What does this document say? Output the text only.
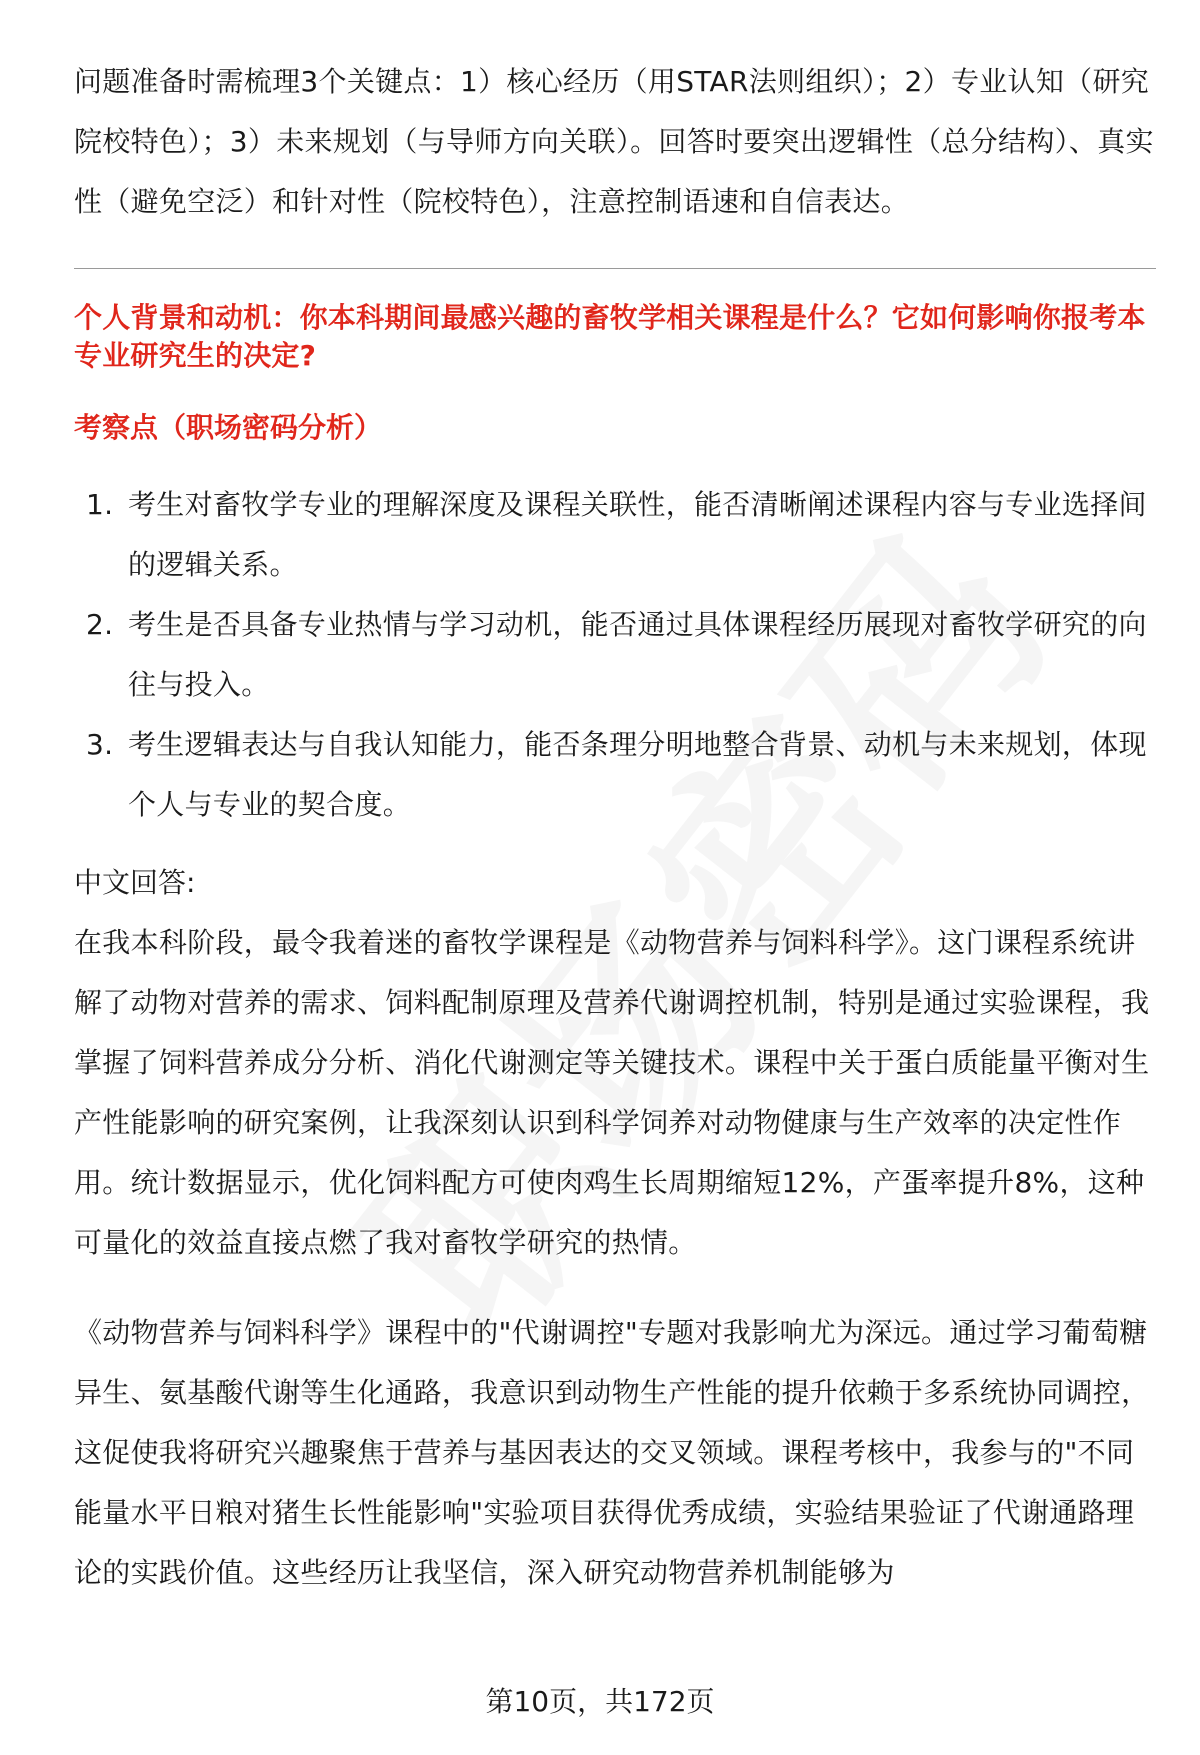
问题准备时需梳理3个关键点：1）核心经历（用STAR法则组织）；2）专业认知（研究院校特色）；3）未来规划（与导师方向关联）。回答时要突出逻辑性（总分结构）、真实性（避免空泛）和针对性（院校特色），注意控制语速和自信表达。

个人背景和动机：你本科期间最感兴趣的畜牧学相关课程是什么？它如何影响你报考本专业研究生的决定?

考察点（职场密码分析）

1. 考生对畜牧学专业的理解深度及课程关联性，能否清晰阐述课程内容与专业选择间的逻辑关系。
2. 考生是否具备专业热情与学习动机，能否通过具体课程经历展现对畜牧学研究的向往与投入。
3. 考生逻辑表达与自我认知能力，能否条理分明地整合背景、动机与未来规划，体现个人与专业的契合度。

中文回答:

在我本科阶段，最令我着迷的畜牧学课程是《动物营养与饲料科学》。这门课程系统讲解了动物对营养的需求、饲料配制原理及营养代谢调控机制，特别是通过实验课程，我掌握了饲料营养成分分析、消化代谢测定等关键技术。课程中关于蛋白质能量平衡对生产性能影响的研究案例，让我深刻认识到科学饲养对动物健康与生产效率的决定性作用。统计数据显示，优化饲料配方可使肉鸡生长周期缩短12%，产蛋率提升8%，这种可量化的效益直接点燃了我对畜牧学研究的热情。

《动物营养与饲料科学》课程中的"代谢调控"专题对我影响尤为深远。通过学习葡萄糖异生、氨基酸代谢等生化通路，我意识到动物生产性能的提升依赖于多系统协同调控，这促使我将研究兴趣聚焦于营养与基因表达的交叉领域。课程考核中，我参与的"不同能量水平日粮对猪生长性能影响"实验项目获得优秀成绩，实验结果验证了代谢通路理论的实践价值。这些经历让我坚信，深入研究动物营养机制能够为

第10页，共172页
